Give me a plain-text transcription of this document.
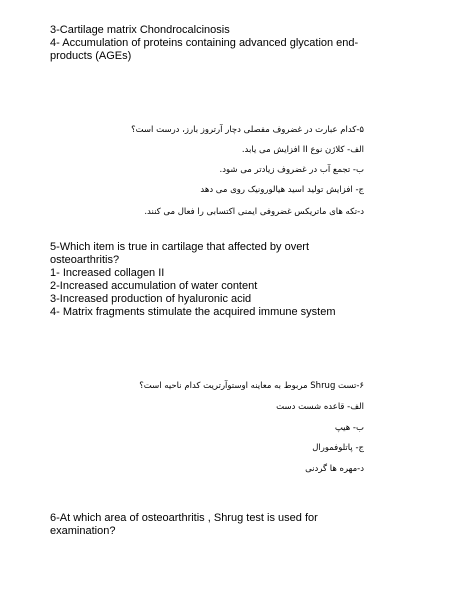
3-Cartilage matrix Chondrocalcinosis
4- Accumulation of proteins containing advanced glycation end-
products (AGEs)
۵-کدام عبارت در غضروف مفصلی دچار آرتروز بارز، درست است؟
الف- کلاژن نوع II افزایش می یابد.
ب- تجمع آب در غضروف زیادتر می شود.
ج- افزایش تولید اسید هیالورونیک روی می دهد
د-تکه های ماتریکس غضروفی ایمنی اکتسابی را فعال می کنند.
5-Which item is true in cartilage that affected by overt
osteoarthritis?
1- Increased collagen II
2-Increased accumulation of water content
3-Increased production of hyaluronic acid
4- Matrix fragments stimulate the acquired immune system
۶-تست Shrug مربوط به معاینه اوستوآرتریت کدام ناحیه است؟
الف- قاعده شست دست
ب- هیپ
ج- پاتلوفمورال
د-مهره ها گردنی
6-At which area of osteoarthritis , Shrug test is used for
examination?
